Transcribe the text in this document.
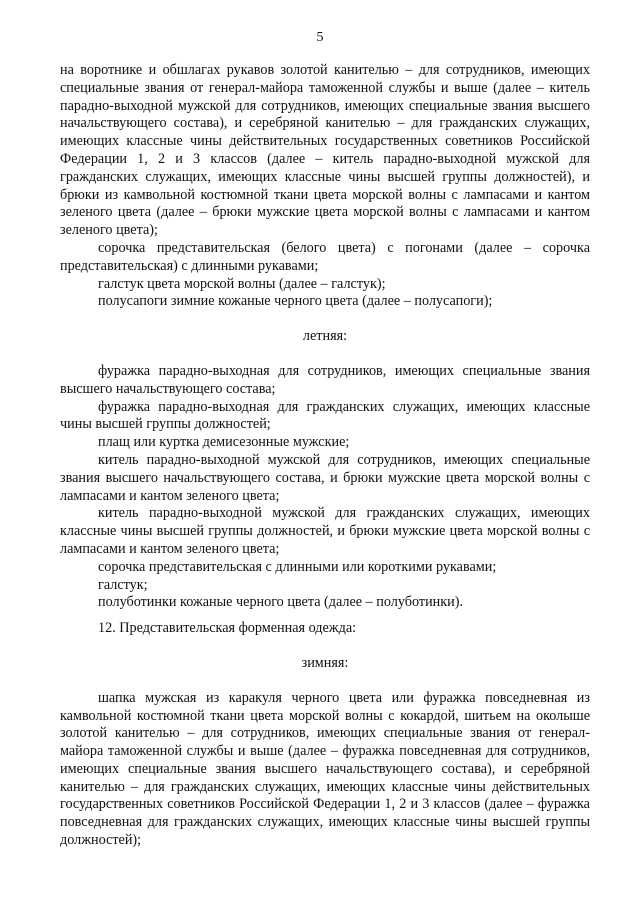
5

на воротнике и обшлагах рукавов золотой канителью – для сотрудников, имеющих специальные звания от генерал-майора таможенной службы и выше (далее – китель парадно-выходной мужской для сотрудников, имеющих специальные звания высшего начальствующего состава), и серебряной канителью – для гражданских служащих, имеющих классные чины действительных государственных советников Российской Федерации 1, 2 и 3 классов (далее – китель парадно-выходной мужской для гражданских служащих, имеющих классные чины высшей группы должностей), и брюки из камвольной костюмной ткани цвета морской волны с лампасами и кантом зеленого цвета (далее – брюки мужские цвета морской волны с лампасами и кантом зеленого цвета);

сорочка представительская (белого цвета) с погонами (далее – сорочка представительская) с длинными рукавами;

галстук цвета морской волны (далее – галстук);

полусапоги зимние кожаные черного цвета (далее – полусапоги);

летняя:

фуражка парадно-выходная для сотрудников, имеющих специальные звания высшего начальствующего состава;

фуражка парадно-выходная для гражданских служащих, имеющих классные чины высшей группы должностей;

плащ или куртка демисезонные мужские;

китель парадно-выходной мужской для сотрудников, имеющих специальные звания высшего начальствующего состава, и брюки мужские цвета морской волны с лампасами и кантом зеленого цвета;

китель парадно-выходной мужской для гражданских служащих, имеющих классные чины высшей группы должностей, и брюки мужские цвета морской волны с лампасами и кантом зеленого цвета;

сорочка представительская с длинными или короткими рукавами;

галстук;

полуботинки кожаные черного цвета (далее – полуботинки).

12. Представительская форменная одежда:

зимняя:

шапка мужская из каракуля черного цвета или фуражка повседневная из камвольной костюмной ткани цвета морской волны с кокардой, шитьем на околыше золотой канителью – для сотрудников, имеющих специальные звания от генерал-майора таможенной службы и выше (далее – фуражка повседневная для сотрудников, имеющих специальные звания высшего начальствующего состава), и серебряной канителью – для гражданских служащих, имеющих классные чины действительных государственных советников Российской Федерации 1, 2 и 3 классов (далее – фуражка повседневная для гражданских служащих, имеющих классные чины высшей группы должностей);
